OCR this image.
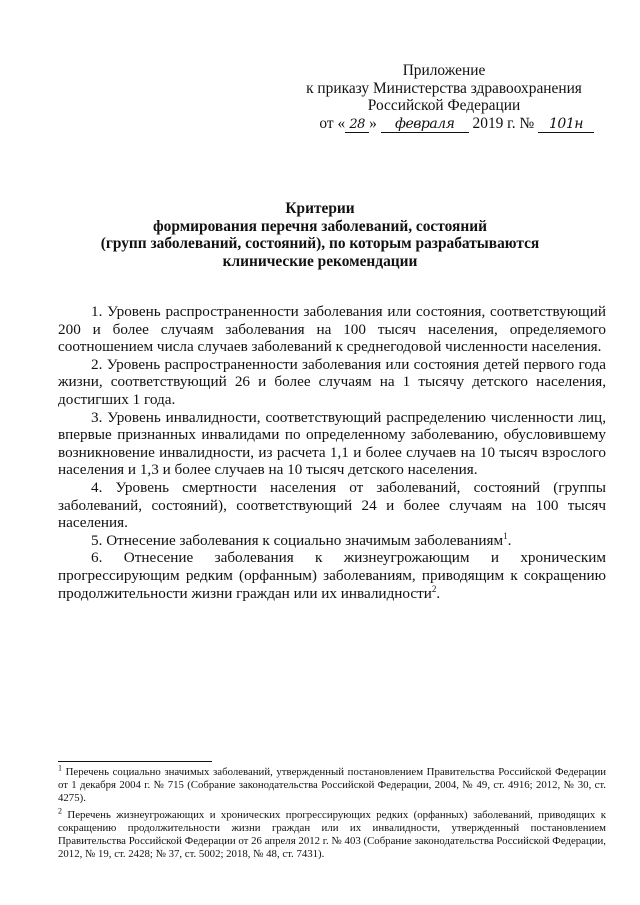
Приложение
к приказу Министерства здравоохранения
Российской Федерации
от « 28 » февраля 2019 г. № 101н
Критерии
формирования перечня заболеваний, состояний
(групп заболеваний, состояний), по которым разрабатываются
клинические рекомендации

1. Уровень распространенности заболевания или состояния, соответствующий 200 и более случаям заболевания на 100 тысяч населения, определяемого соотношением числа случаев заболеваний к среднегодовой численности населения.

2. Уровень распространенности заболевания или состояния детей первого года жизни, соответствующий 26 и более случаям на 1 тысячу детского населения, достигших 1 года.

3. Уровень инвалидности, соответствующий распределению численности лиц, впервые признанных инвалидами по определенному заболеванию, обусловившему возникновение инвалидности, из расчета 1,1 и более случаев на 10 тысяч взрослого населения и 1,3 и более случаев на 10 тысяч детского населения.

4. Уровень смертности населения от заболеваний, состояний (группы заболеваний, состояний), соответствующий 24 и более случаям на 100 тысяч населения.

5. Отнесение заболевания к социально значимым заболеваниям$^1$.

6. Отнесение заболевания к жизнеугрожающим и хроническим прогрессирующим редким (орфанным) заболеваниям, приводящим к сокращению продолжительности жизни граждан или их инвалидности$^2$.

$^1$ Перечень социально значимых заболеваний, утвержденный постановлением Правительства Российской Федерации от 1 декабря 2004 г. № 715 (Собрание законодательства Российской Федерации, 2004, № 49, ст. 4916; 2012, № 30, ст. 4275).

$^2$ Перечень жизнеугрожающих и хронических прогрессирующих редких (орфанных) заболеваний, приводящих к сокращению продолжительности жизни граждан или их инвалидности, утвержденный постановлением Правительства Российской Федерации от 26 апреля 2012 г. № 403 (Собрание законодательства Российской Федерации, 2012, № 19, ст. 2428; № 37, ст. 5002; 2018, № 48, ст. 7431).
